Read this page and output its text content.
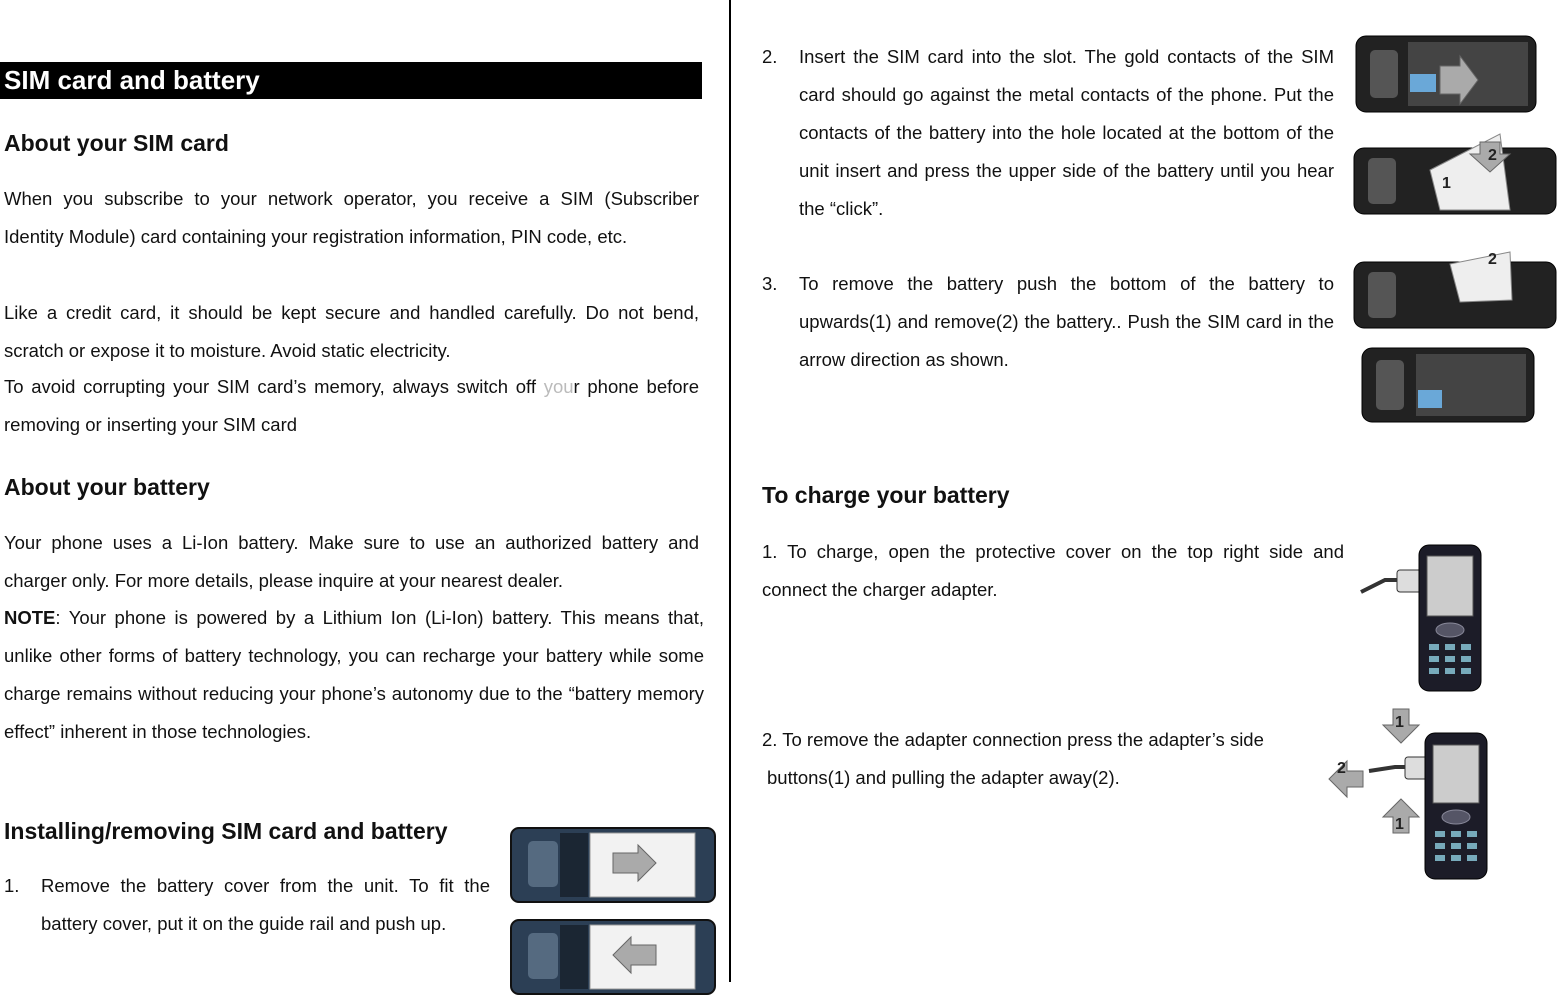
SIM card and battery
About your SIM card
When you subscribe to your network operator, you receive a SIM (Subscriber Identity Module) card containing your registration information, PIN code, etc.
Like a credit card, it should be kept secure and handled carefully. Do not bend, scratch or expose it to moisture. Avoid static electricity.
To avoid corrupting your SIM card’s memory, always switch off your phone before removing or inserting your SIM card
About your battery
Your phone uses a Li-Ion battery. Make sure to use an authorized battery and charger only. For more details, please inquire at your nearest dealer.
NOTE: Your phone is powered by a Lithium Ion (Li-Ion) battery. This means that, unlike other forms of battery technology, you can recharge your battery while some charge remains without reducing your phone’s autonomy due to the “battery memory effect” inherent in those technologies.
Installing/removing SIM card and battery
1. Remove the battery cover from the unit. To fit the battery cover, put it on the guide rail and push up.
2. Insert the SIM card into the slot. The gold contacts of the SIM card should go against the metal contacts of the phone. Put the contacts of the battery into the hole located at the bottom of the unit insert and press the upper side of the battery until you hear the “click”.
3. To remove the battery push the bottom of the battery to upwards(1) and remove(2) the battery.. Push the SIM card in the arrow direction as shown.
2
1
2
1
To charge your battery
1. To charge, open the protective cover on the top right side and connect the charger adapter.
2. To remove the adapter connection press the adapter’s side
buttons(1) and pulling the adapter away(2).
1
2
1
